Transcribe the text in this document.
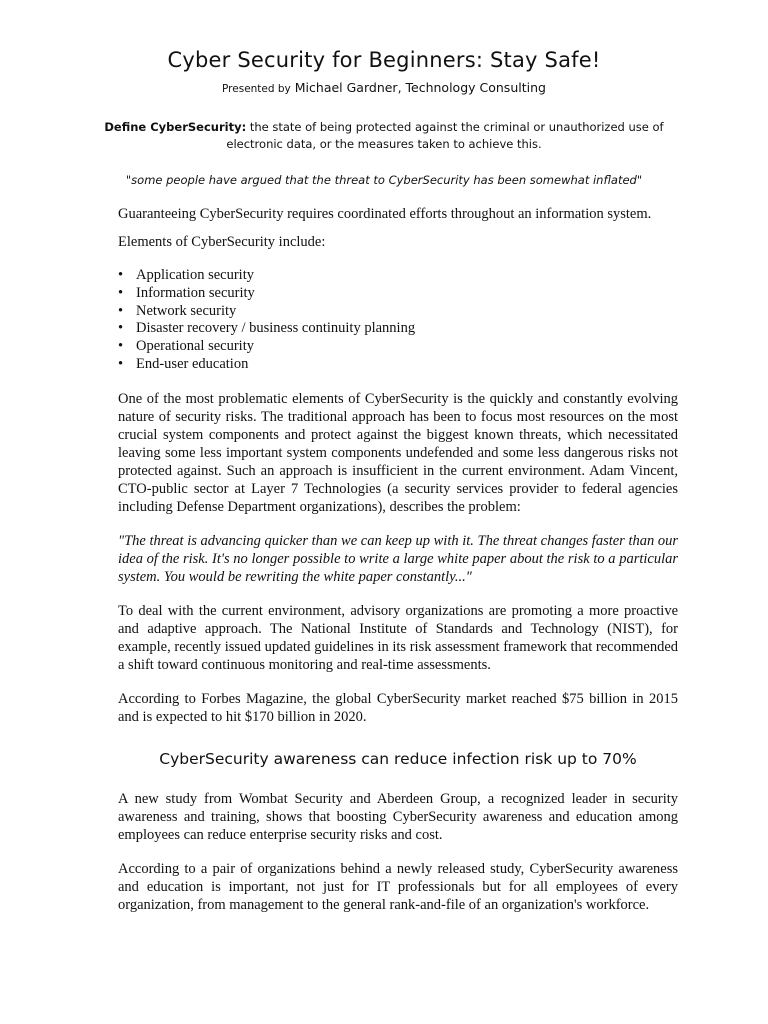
Cyber Security for Beginners: Stay Safe!
Presented by Michael Gardner, Technology Consulting
Define CyberSecurity: the state of being protected against the criminal or unauthorized use of electronic data, or the measures taken to achieve this.
"some people have argued that the threat to CyberSecurity has been somewhat inflated"

Guaranteeing CyberSecurity requires coordinated efforts throughout an information system.

Elements of CyberSecurity include:

• Application security
• Information security
• Network security
• Disaster recovery / business continuity planning
• Operational security
• End-user education

One of the most problematic elements of CyberSecurity is the quickly and constantly evolving nature of security risks. The traditional approach has been to focus most resources on the most crucial system components and protect against the biggest known threats, which necessitated leaving some less important system components undefended and some less dangerous risks not protected against. Such an approach is insufficient in the current environment. Adam Vincent, CTO-public sector at Layer 7 Technologies (a security services provider to federal agencies including Defense Department organizations), describes the problem:

"The threat is advancing quicker than we can keep up with it. The threat changes faster than our idea of the risk. It's no longer possible to write a large white paper about the risk to a particular system. You would be rewriting the white paper constantly..."

To deal with the current environment, advisory organizations are promoting a more proactive and adaptive approach. The National Institute of Standards and Technology (NIST), for example, recently issued updated guidelines in its risk assessment framework that recommended a shift toward continuous monitoring and real-time assessments.

According to Forbes Magazine, the global CyberSecurity market reached $75 billion in 2015 and is expected to hit $170 billion in 2020.

CyberSecurity awareness can reduce infection risk up to 70%

A new study from Wombat Security and Aberdeen Group, a recognized leader in security awareness and training, shows that boosting CyberSecurity awareness and education among employees can reduce enterprise security risks and cost.

According to a pair of organizations behind a newly released study, CyberSecurity awareness and education is important, not just for IT professionals but for all employees of every organization, from management to the general rank-and-file of an organization's workforce.
